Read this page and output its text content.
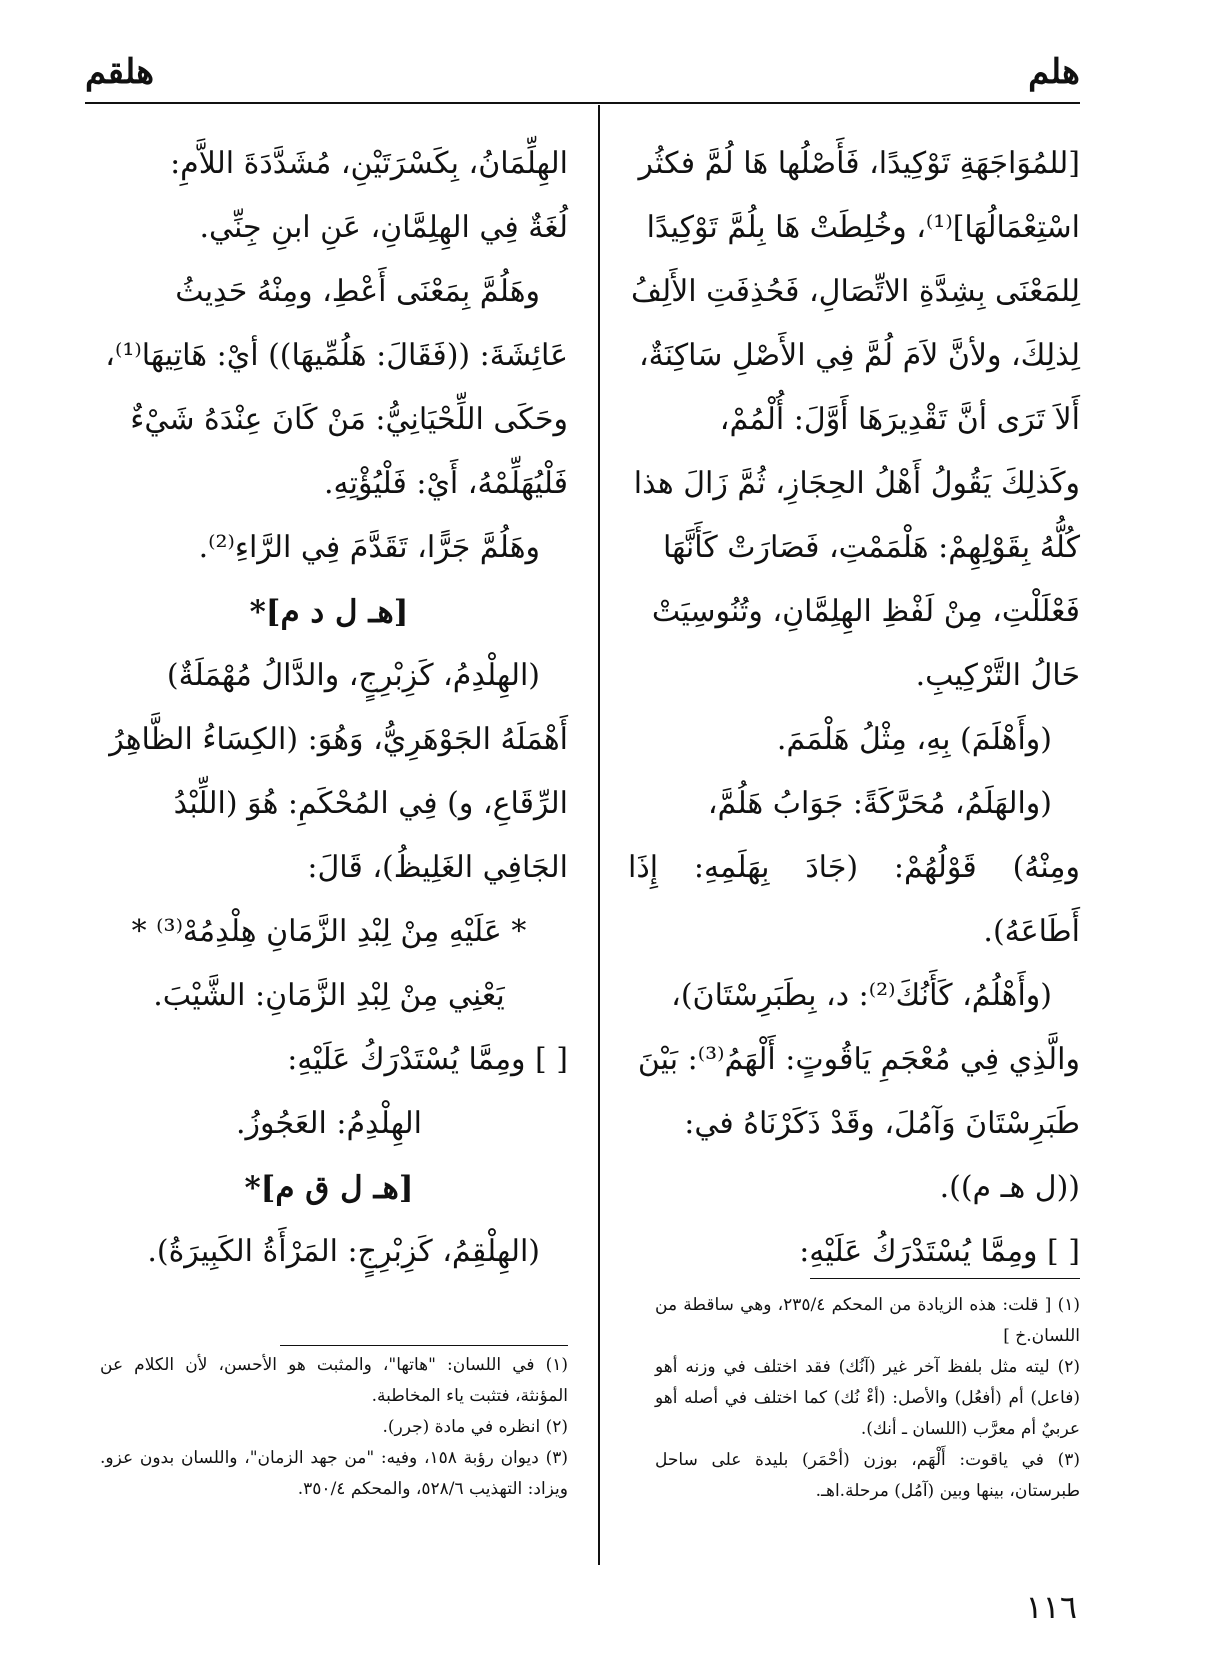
هلم
هلقم

[للمُوَاجَهَةِ تَوْكِيدًا، فَأَصْلُها هَا لُمَّ فكثُر

اسْتِعْمَالُهَا]⁽¹⁾، وخُلِطَتْ هَا بِلُمَّ تَوْكِيدًا

لِلمَعْنَى بِشِدَّةِ الاتِّصَالِ، فَحُذِفَتِ الأَلِفُ

لِذلِكَ، ولأنَّ لاَمَ لُمَّ فِي الأَصْلِ سَاكِنَةٌ،

أَلاَ تَرَى أنَّ تَقْدِيرَهَا أَوَّلَ: أُلْمُمْ،

وكَذلِكَ يَقُولُ أَهْلُ الحِجَازِ، ثُمَّ زَالَ هذا

كُلُّهُ بِقَوْلِهِمْ: هَلْمَمْتِ، فَصَارَتْ كَأَنَّهَا

فَعْلَلْتِ، مِنْ لَفْظِ الهِلِمَّانِ، وتُنُوسِيَتْ

حَالُ التَّرْكِيبِ.

(وأَهْلَمَ) بِهِ، مِثْلُ هَلْمَمَ.

(والهَلَمُ، مُحَرَّكَةً: جَوَابُ هَلُمَّ،

ومِنْهُ) قَوْلُهُمْ: (جَادَ بِهَلَمِهِ: إِذَا أَطَاعَهُ).

(وأَهْلُمُ، كَأَنُكَ⁽²⁾: د، بِطَبَرِسْتَانَ)،

والَّذِي فِي مُعْجَمِ يَاقُوتٍ: أَلْهَمُ⁽³⁾: بَيْنَ

طَبَرِسْتَانَ وَآمُلَ، وقَدْ ذَكَرْنَاهُ في:

((ل هـ م)).

[ ] ومِمَّا يُسْتَدْرَكُ عَلَيْهِ:

الهِلِّمَانُ، بِكَسْرَتَيْنِ، مُشَدَّدَةَ اللاَّمِ:

لُغَةٌ فِي الهِلِمَّانِ، عَنِ ابنِ جِنِّي.

وهَلُمَّ بِمَعْنَى أَعْطِ، ومِنْهُ حَدِيثُ

عَائِشَةَ: ((فَقَالَ: هَلُمِّيهَا)) أيْ: هَاتِيهَا⁽¹⁾،

وحَكَى اللِّحْيَانِيُّ: مَنْ كَانَ عِنْدَهُ شَيْءٌ

فَلْيُهَلِّمْهُ، أَيْ: فَلْيُؤْتِهِ.

وهَلُمَّ جَرًّا، تَقَدَّمَ فِي الرَّاءِ⁽²⁾.

[هـ ل د م]*

(الهِلْدِمُ، كَزِبْرِجٍ، والدَّالُ مُهْمَلَةٌ)

أَهْمَلَهُ الجَوْهَرِيُّ، وَهُوَ: (الكِسَاءُ الظَّاهِرُ

الرِّقَاعِ، و) فِي المُحْكَمِ: هُوَ (اللِّبْدُ

الجَافِي الغَلِيظُ)، قَالَ:

* عَلَيْهِ مِنْ لِبْدِ الزَّمَانِ هِلْدِمُهْ⁽³⁾ *

يَعْنِي مِنْ لِبْدِ الزَّمَانِ: الشَّيْبَ.

[ ] ومِمَّا يُسْتَدْرَكُ عَلَيْهِ:

الهِلْدِمُ: العَجُوزُ.

[هـ ل ق م]*

(الهِلْقِمُ، كَزِبْرِجٍ: المَرْأَةُ الكَبِيرَةُ).

(١) [ قلت: هذه الزيادة من المحكم ٢٣٥/٤، وهي ساقطة من اللسان.خ ]

(٢) ليته مثل بلفظ آخر غير (آنُك) فقد اختلف في وزنه أهو (فاعل) أم (أفعُل) والأصل: (أءْ نُك) كما اختلف في أصله أهو عربيٌ أم معرَّب (اللسان ـ أنك).

(٣) في ياقوت: أَلْهَم، بوزن (أحْمَر) بليدة على ساحل طبرستان، بينها وبين (آمُل) مرحلة.اهـ.

(١) في اللسان: "هاتها"، والمثبت هو الأحسن، لأن الكلام عن المؤنثة، فتثبت ياء المخاطبة.

(٢) انظره في مادة (جرر).

(٣) ديوان رؤبة ١٥٨، وفيه: "من جهد الزمان"، واللسان بدون عزو. ويزاد: التهذيب ٥٢٨/٦، والمحكم ٣٥٠/٤.

١١٦
